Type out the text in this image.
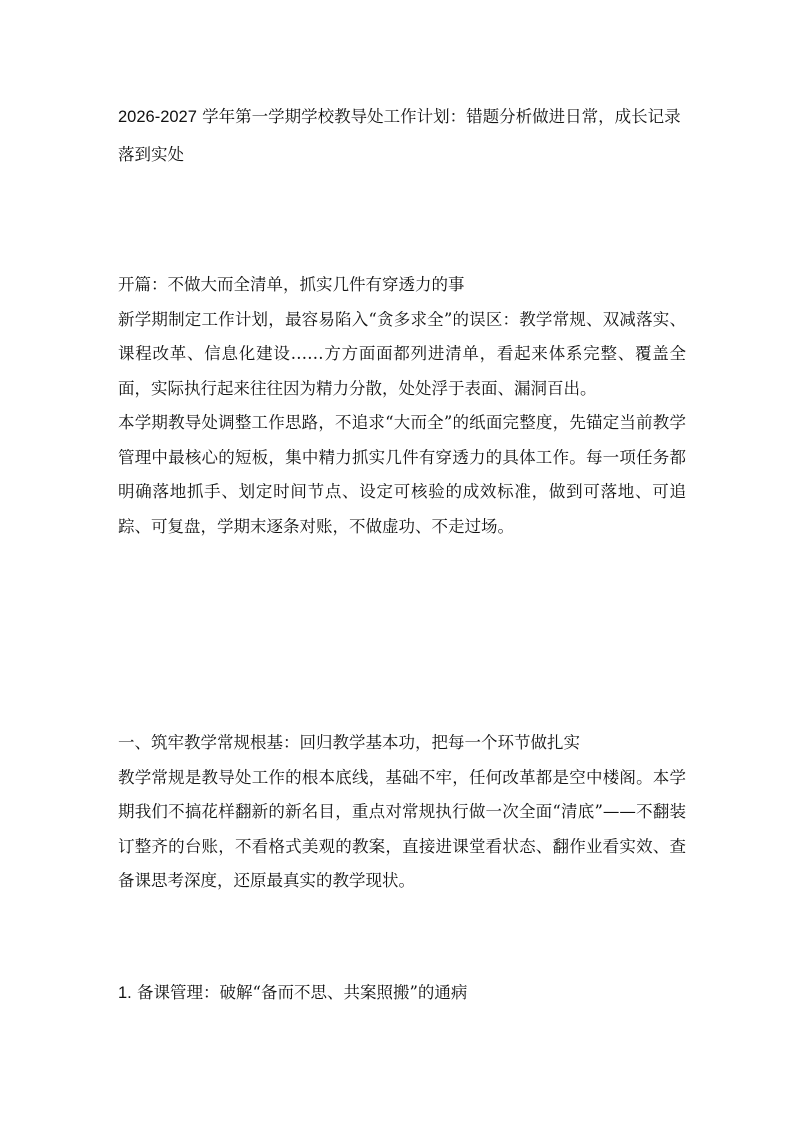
2026-2027 学年第一学期学校教导处工作计划：错题分析做进日常，成长记录落到实处

开篇：不做大而全清单，抓实几件有穿透力的事

新学期制定工作计划，最容易陷入“贪多求全”的误区：教学常规、双减落实、课程改革、信息化建设……方方面面都列进清单，看起来体系完整、覆盖全面，实际执行起来往往因为精力分散，处处浮于表面、漏洞百出。

本学期教导处调整工作思路，不追求“大而全”的纸面完整度，先锚定当前教学管理中最核心的短板，集中精力抓实几件有穿透力的具体工作。每一项任务都明确落地抓手、划定时间节点、设定可核验的成效标准，做到可落地、可追踪、可复盘，学期末逐条对账，不做虚功、不走过场。

一、筑牢教学常规根基：回归教学基本功，把每一个环节做扎实

教学常规是教导处工作的根本底线，基础不牢，任何改革都是空中楼阁。本学期我们不搞花样翻新的新名目，重点对常规执行做一次全面“清底”——不翻装订整齐的台账，不看格式美观的教案，直接进课堂看状态、翻作业看实效、查备课思考深度，还原最真实的教学现状。

1. 备课管理：破解“备而不思、共案照搬”的通病
